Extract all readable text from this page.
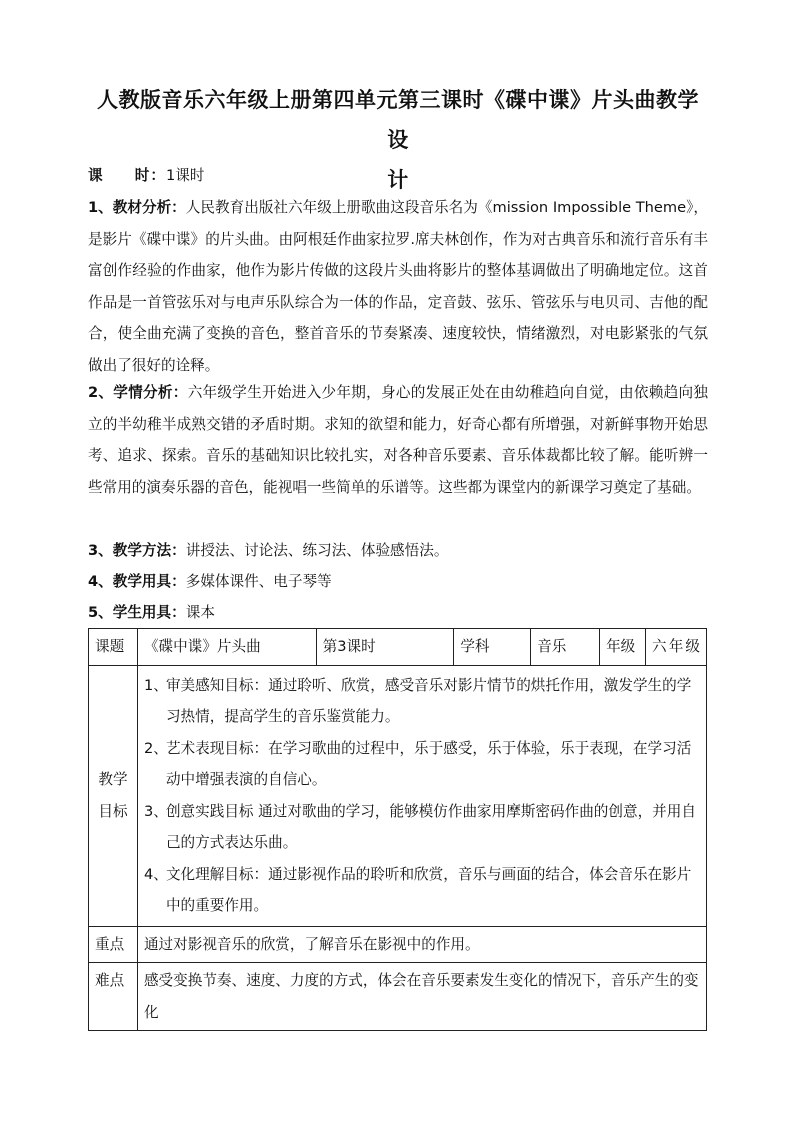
人教版音乐六年级上册第四单元第三课时《碟中谍》片头曲教学设
计
课　　时：1课时
1、教材分析：人民教育出版社六年级上册歌曲这段音乐名为《mission Impossible Theme》，是影片《碟中谍》的片头曲。由阿根廷作曲家拉罗.席夫林创作，作为对古典音乐和流行音乐有丰富创作经验的作曲家，他作为影片传做的这段片头曲将影片的整体基调做出了明确地定位。这首作品是一首管弦乐对与电声乐队综合为一体的作品，定音鼓、弦乐、管弦乐与电贝司、吉他的配合，使全曲充满了变换的音色，整首音乐的节奏紧凑、速度较快，情绪激烈，对电影紧张的气氛做出了很好的诠释。
2、学情分析：六年级学生开始进入少年期，身心的发展正处在由幼稚趋向自觉，由依赖趋向独立的半幼稚半成熟交错的矛盾时期。求知的欲望和能力，好奇心都有所增强，对新鲜事物开始思考、追求、探索。音乐的基础知识比较扎实，对各种音乐要素、音乐体裁都比较了解。能听辨一些常用的演奏乐器的音色，能视唱一些简单的乐谱等。这些都为课堂内的新课学习奠定了基础。
3、教学方法：讲授法、讨论法、练习法、体验感悟法。
4、教学用具：多媒体课件、电子琴等
5、学生用具：课本
课题	《碟中谍》片头曲	第3课时	学科	音乐	年级	六年级
教学目标	1、审美感知目标：通过聆听、欣赏，感受音乐对影片情节的烘托作用，激发学生的学习热情，提高学生的音乐鉴赏能力。
2、艺术表现目标：在学习歌曲的过程中，乐于感受，乐于体验，乐于表现，在学习活动中增强表演的自信心。
3、创意实践目标 通过对歌曲的学习，能够模仿作曲家用摩斯密码作曲的创意，并用自己的方式表达乐曲。
4、文化理解目标：通过影视作品的聆听和欣赏，音乐与画面的结合，体会音乐在影片中的重要作用。					

重点	通过对影视音乐的欣赏，了解音乐在影视中的作用。					
难点	感受变换节奏、速度、力度的方式，体会在音乐要素发生变化的情况下，音乐产生的变化					
